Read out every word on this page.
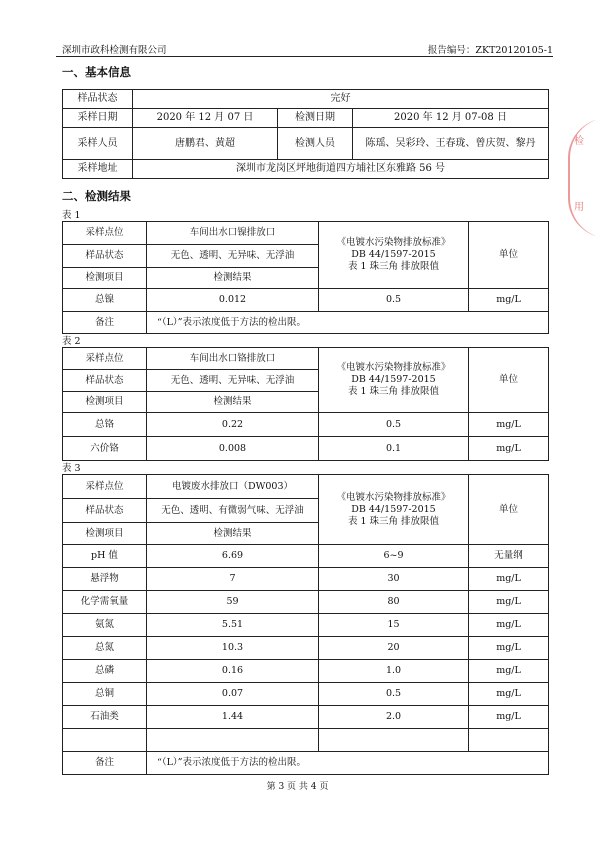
深圳市政科检测有限公司	报告编号：ZKT20120105-1
一、基本信息
样品状态	完好		
采样日期	2020 年 12 月 07 日	检测日期	2020 年 12 月 07-08 日
采样人员	唐鹏君、黄超	检测人员	陈瑶、吴彩玲、王春珑、曾庆贺、黎丹
采样地址	深圳市龙岗区坪地街道四方埔社区东雅路 56 号		
二、检测结果
表 1
采样点位	车间出水口镍排放口	《电镀水污染物排放标准》
DB 44/1597-2015
表 1 珠三角 排放限值	单位
样品状态	无色、透明、无异味、无浮油		
检测项目	检测结果		
总镍	0.012	0.5	mg/L
备注	“（L）”表示浓度低于方法的检出限。		
表 2
采样点位	车间出水口铬排放口	《电镀水污染物排放标准》
DB 44/1597-2015
表 1 珠三角 排放限值	单位
样品状态	无色、透明、无异味、无浮油		
检测项目	检测结果		
总铬	0.22	0.5	mg/L
六价铬	0.008	0.1	mg/L
表 3
采样点位	电镀废水排放口（DW003）	《电镀水污染物排放标准》
DB 44/1597-2015
表 1 珠三角 排放限值	单位
样品状态	无色、透明、有微弱气味、无浮油		
检测项目	检测结果		
pH 值	6.69	6~9	无量纲
悬浮物	7	30	mg/L
化学需氧量	59	80	mg/L
氨氮	5.51	15	mg/L
总氮	10.3	20	mg/L
总磷	0.16	1.0	mg/L
总铜	0.07	0.5	mg/L
石油类	1.44	2.0	mg/L

备注	“（L）”表示浓度低于方法的检出限。		
第 3 页 共 4 页
检
用
